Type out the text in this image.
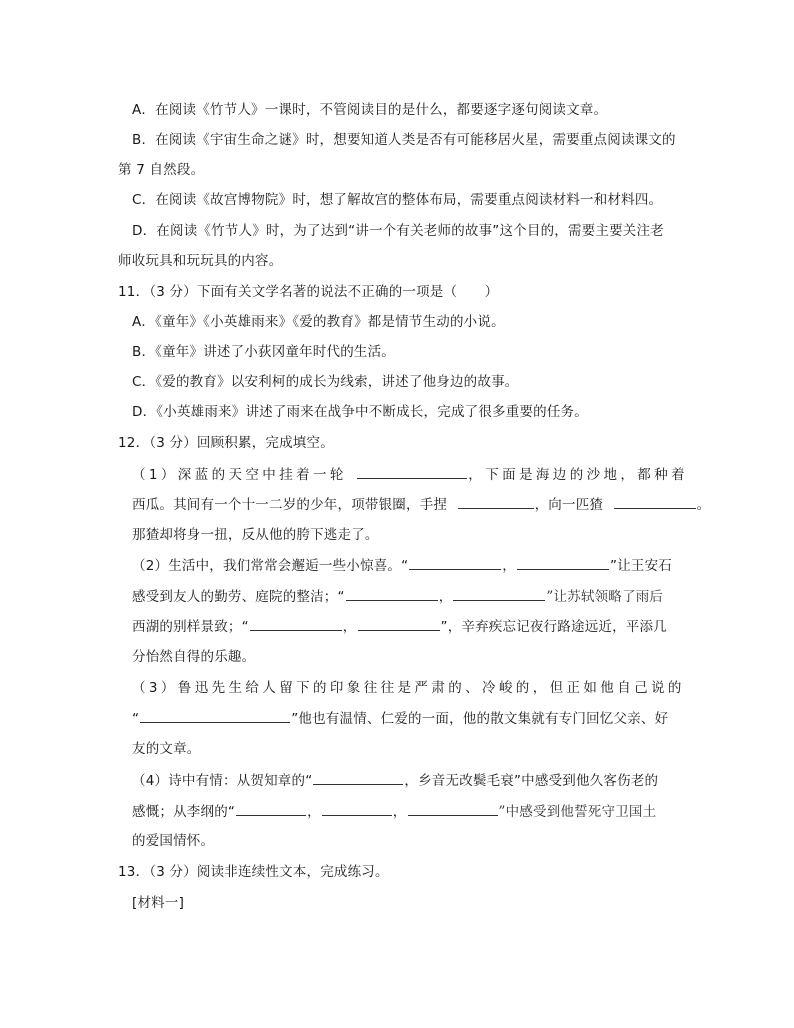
A．在阅读《竹节人》一课时，不管阅读目的是什么，都要逐字逐句阅读文章。
B．在阅读《宇宙生命之谜》时，想要知道人类是否有可能移居火星，需要重点阅读课文的
第 7 自然段。
C．在阅读《故宫博物院》时，想了解故宫的整体布局，需要重点阅读材料一和材料四。
D．在阅读《竹节人》时，为了达到“讲一个有关老师的故事”这个目的，需要主要关注老
师收玩具和玩玩具的内容。
11．（3 分）下面有关文学名著的说法不正确的一项是（　　）
A．《童年》《小英雄雨来》《爱的教育》都是情节生动的小说。
B．《童年》讲述了小荻冈童年时代的生活。
C．《爱的教育》以安利柯的成长为线索，讲述了他身边的故事。
D．《小英雄雨来》讲述了雨来在战争中不断成长，完成了很多重要的任务。
12．（3 分）回顾积累，完成填空。
（1）深蓝的天空中挂着一轮	，下面是海边的沙地，都种着
西瓜。其间有一个十一二岁的少年，项带银圈，手捏	，向一匹猹	。
那猹却将身一扭，反从他的胯下逃走了。
（2）生活中，我们常常会邂逅一些小惊喜。“	，	”让王安石
感受到友人的勤劳、庭院的整洁；“	，	”让苏轼领略了雨后
西湖的别样景致；“	，	”，辛弃疾忘记夜行路途远近，平添几
分怡然自得的乐趣。
（3）鲁迅先生给人留下的印象往往是严肃的、冷峻的，但正如他自己说的
“	”他也有温情、仁爱的一面，他的散文集就有专门回忆父亲、好
友的文章。
（4）诗中有情：从贺知章的“	，乡音无改鬓毛衰”中感受到他久客伤老的
感慨；从李纲的“	，	，	”中感受到他誓死守卫国土
的爱国情怀。
13．（3 分）阅读非连续性文本，完成练习。
[材料一]
